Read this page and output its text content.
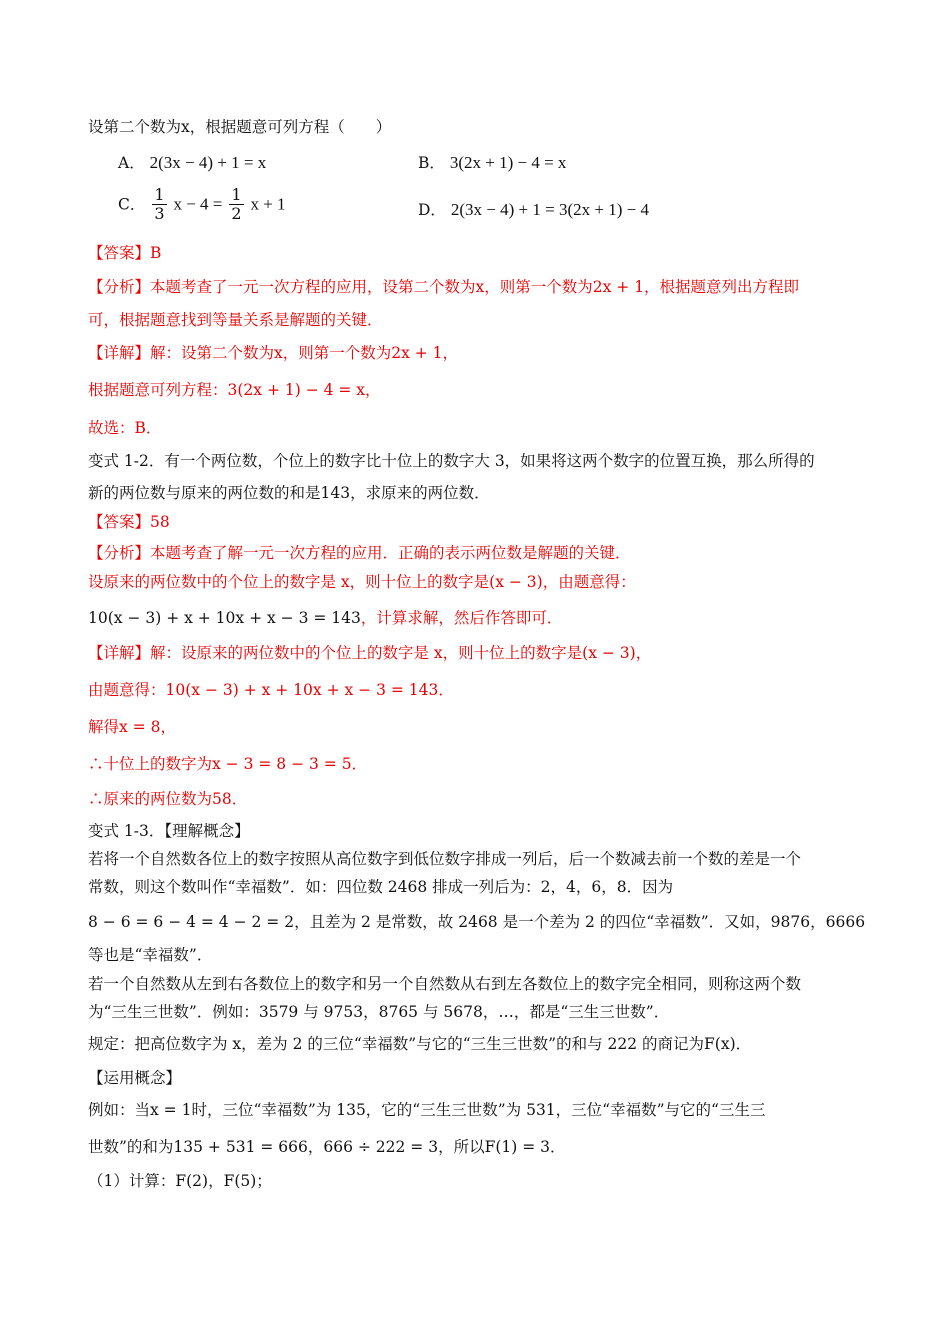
设第二个数为x，根据题意可列方程（　　）
A． 2(3x − 4) + 1 = x	B． 3(2x + 1) − 4 = x
C． $\frac{1}{3}$ $x - 4 = \frac{1}{2}$ x + 1	D． 2(3x − 4) + 1 = 3(2x + 1) − 4
【答案】B
【分析】本题考查了一元一次方程的应用，设第二个数为x，则第一个数为2x + 1，根据题意列出方程即
可，根据题意找到等量关系是解题的关键．
【详解】解：设第二个数为x，则第一个数为2x + 1，
根据题意可列方程：3(2x + 1) − 4 = x，
故选：B．
变式 1-2．有一个两位数，个位上的数字比十位上的数字大 3，如果将这两个数字的位置互换，那么所得的
新的两位数与原来的两位数的和是143，求原来的两位数．
【答案】58
【分析】本题考查了解一元一次方程的应用．正确的表示两位数是解题的关键．
设原来的两位数中的个位上的数字是 x，则十位上的数字是(x − 3)，由题意得：
10(x − 3) + x + 10x + x − 3 = 143，计算求解，然后作答即可．
【详解】解：设原来的两位数中的个位上的数字是 x，则十位上的数字是(x − 3)，
由题意得：10(x − 3) + x + 10x + x − 3 = 143．
解得x = 8，
∴十位上的数字为x − 3 = 8 − 3 = 5．
∴原来的两位数为58．
变式 1-3．【理解概念】
若将一个自然数各位上的数字按照从高位数字到低位数字排成一列后，后一个数减去前一个数的差是一个
常数，则这个数叫作“幸福数”．如：四位数 2468 排成一列后为：2，4，6，8．因为
8 − 6 = 6 − 4 = 4 − 2 = 2，且差为 2 是常数，故 2468 是一个差为 2 的四位“幸福数”．又如，9876，6666
等也是“幸福数”．
若一个自然数从左到右各数位上的数字和另一个自然数从右到左各数位上的数字完全相同，则称这两个数
为“三生三世数”．例如：3579 与 9753，8765 与 5678，…，都是“三生三世数”．
规定：把高位数字为 x，差为 2 的三位“幸福数”与它的“三生三世数”的和与 222 的商记为F(x)．
【运用概念】
例如：当x = 1时，三位“幸福数”为 135，它的“三生三世数”为 531，三位“幸福数”与它的“三生三
世数”的和为135 + 531 = 666，666 ÷ 222 = 3，所以F(1) = 3．
（1）计算：F(2)，F(5)；
